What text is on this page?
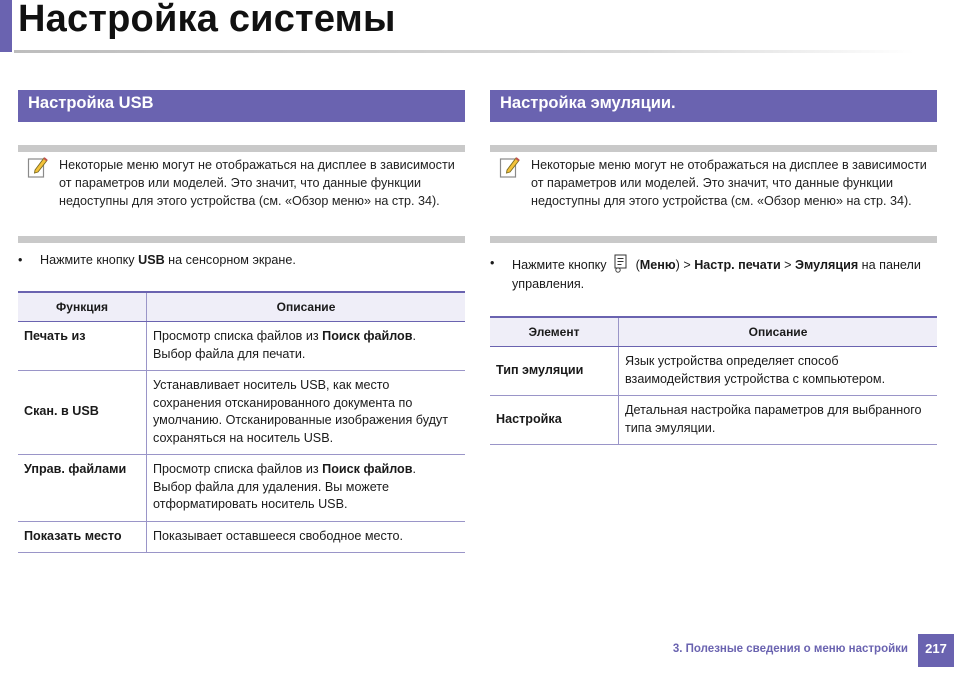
Настройка системы
Настройка USB
Некоторые меню могут не отображаться на дисплее в зависимости от параметров или моделей. Это значит, что данные функции недоступны для этого устройства (см. «Обзор меню» на стр. 34).
• Нажмите кнопку USB на сенсорном экране.
Функция	Описание
Печать из	Просмотр списка файлов из Поиск файлов.
Выбор файла для печати.
Скан. в USB	Устанавливает носитель USB, как место сохранения отсканированного документа по умолчанию. Отсканированные изображения будут сохраняться на носитель USB.
Управ. файлами	Просмотр списка файлов из Поиск файлов.
Выбор файла для удаления. Вы можете отформатировать носитель USB.
Показать место	Показывает оставшееся свободное место.
Настройка эмуляции.
Некоторые меню могут не отображаться на дисплее в зависимости от параметров или моделей. Это значит, что данные функции недоступны для этого устройства (см. «Обзор меню» на стр. 34).
• Нажмите кнопку  (Меню) > Настр. печати > Эмуляция на панели управления.
Элемент	Описание
Тип эмуляции	Язык устройства определяет способ взаимодействия устройства с компьютером.
Настройка	Детальная настройка параметров для выбранного типа эмуляции.
3. Полезные сведения о меню настройки	217
